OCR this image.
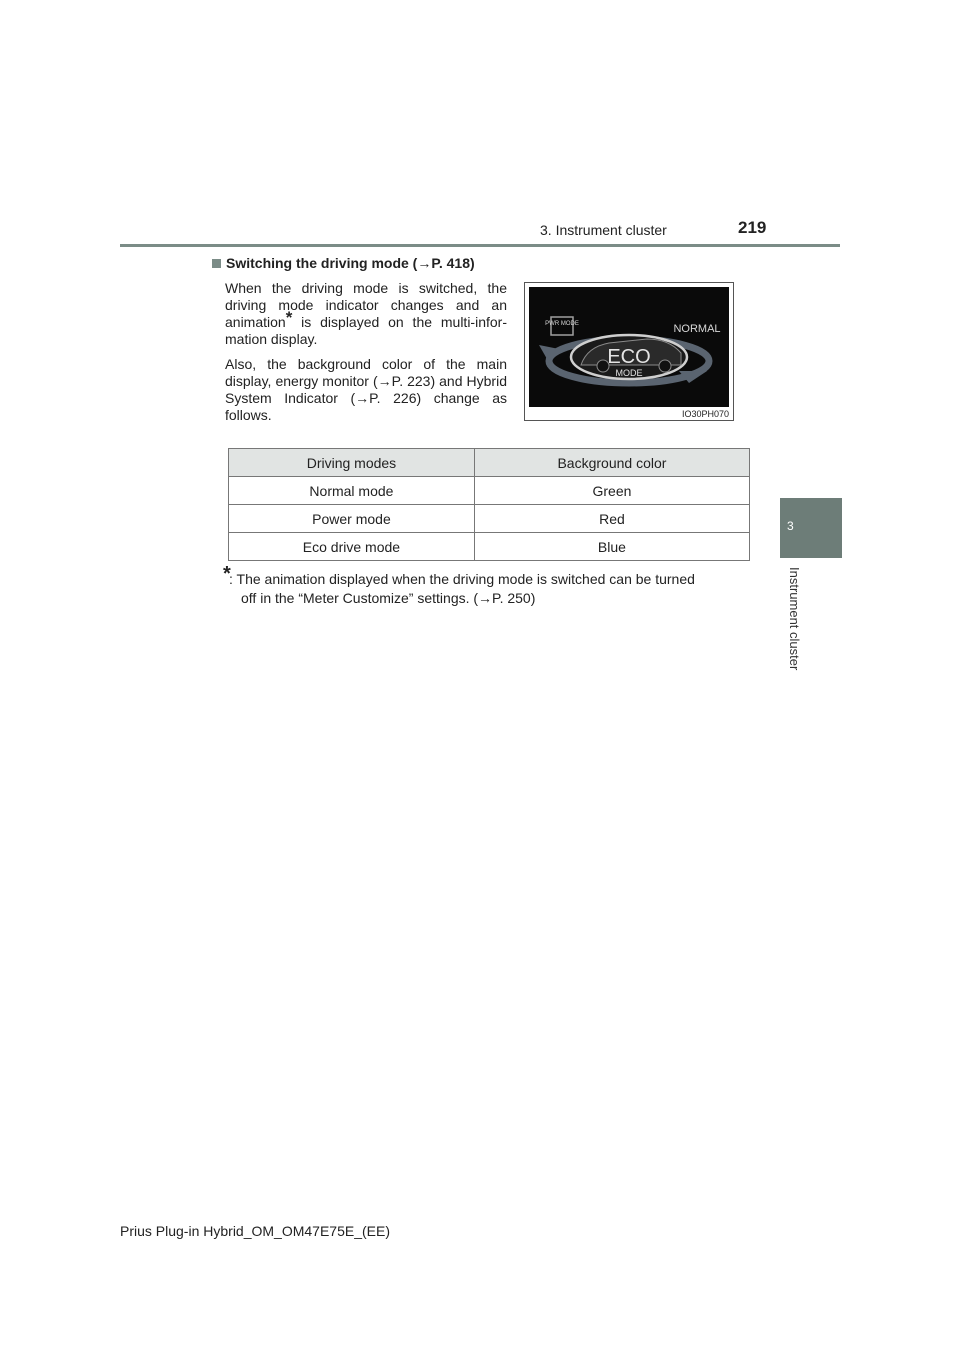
3. Instrument cluster	219
3
Instrument cluster
Switching the driving mode (→P. 418)
When the driving mode is switched, the driving mode indicator changes and an animation* is displayed on the multi-infor-mation display.
Also, the background color of the main display, energy monitor (→P. 223) and Hybrid System Indicator (→P. 226) change as follows.
PWR MODE	NORMAL
ECO
MODE
IO30PH070
Driving modes	Background color
Normal mode	Green
Power mode	Red
Eco drive mode	Blue
*
: The animation displayed when the driving mode is switched can be turned
off in the “Meter Customize” settings. (→P. 250)
Prius Plug-in Hybrid_OM_OM47E75E_(EE)
